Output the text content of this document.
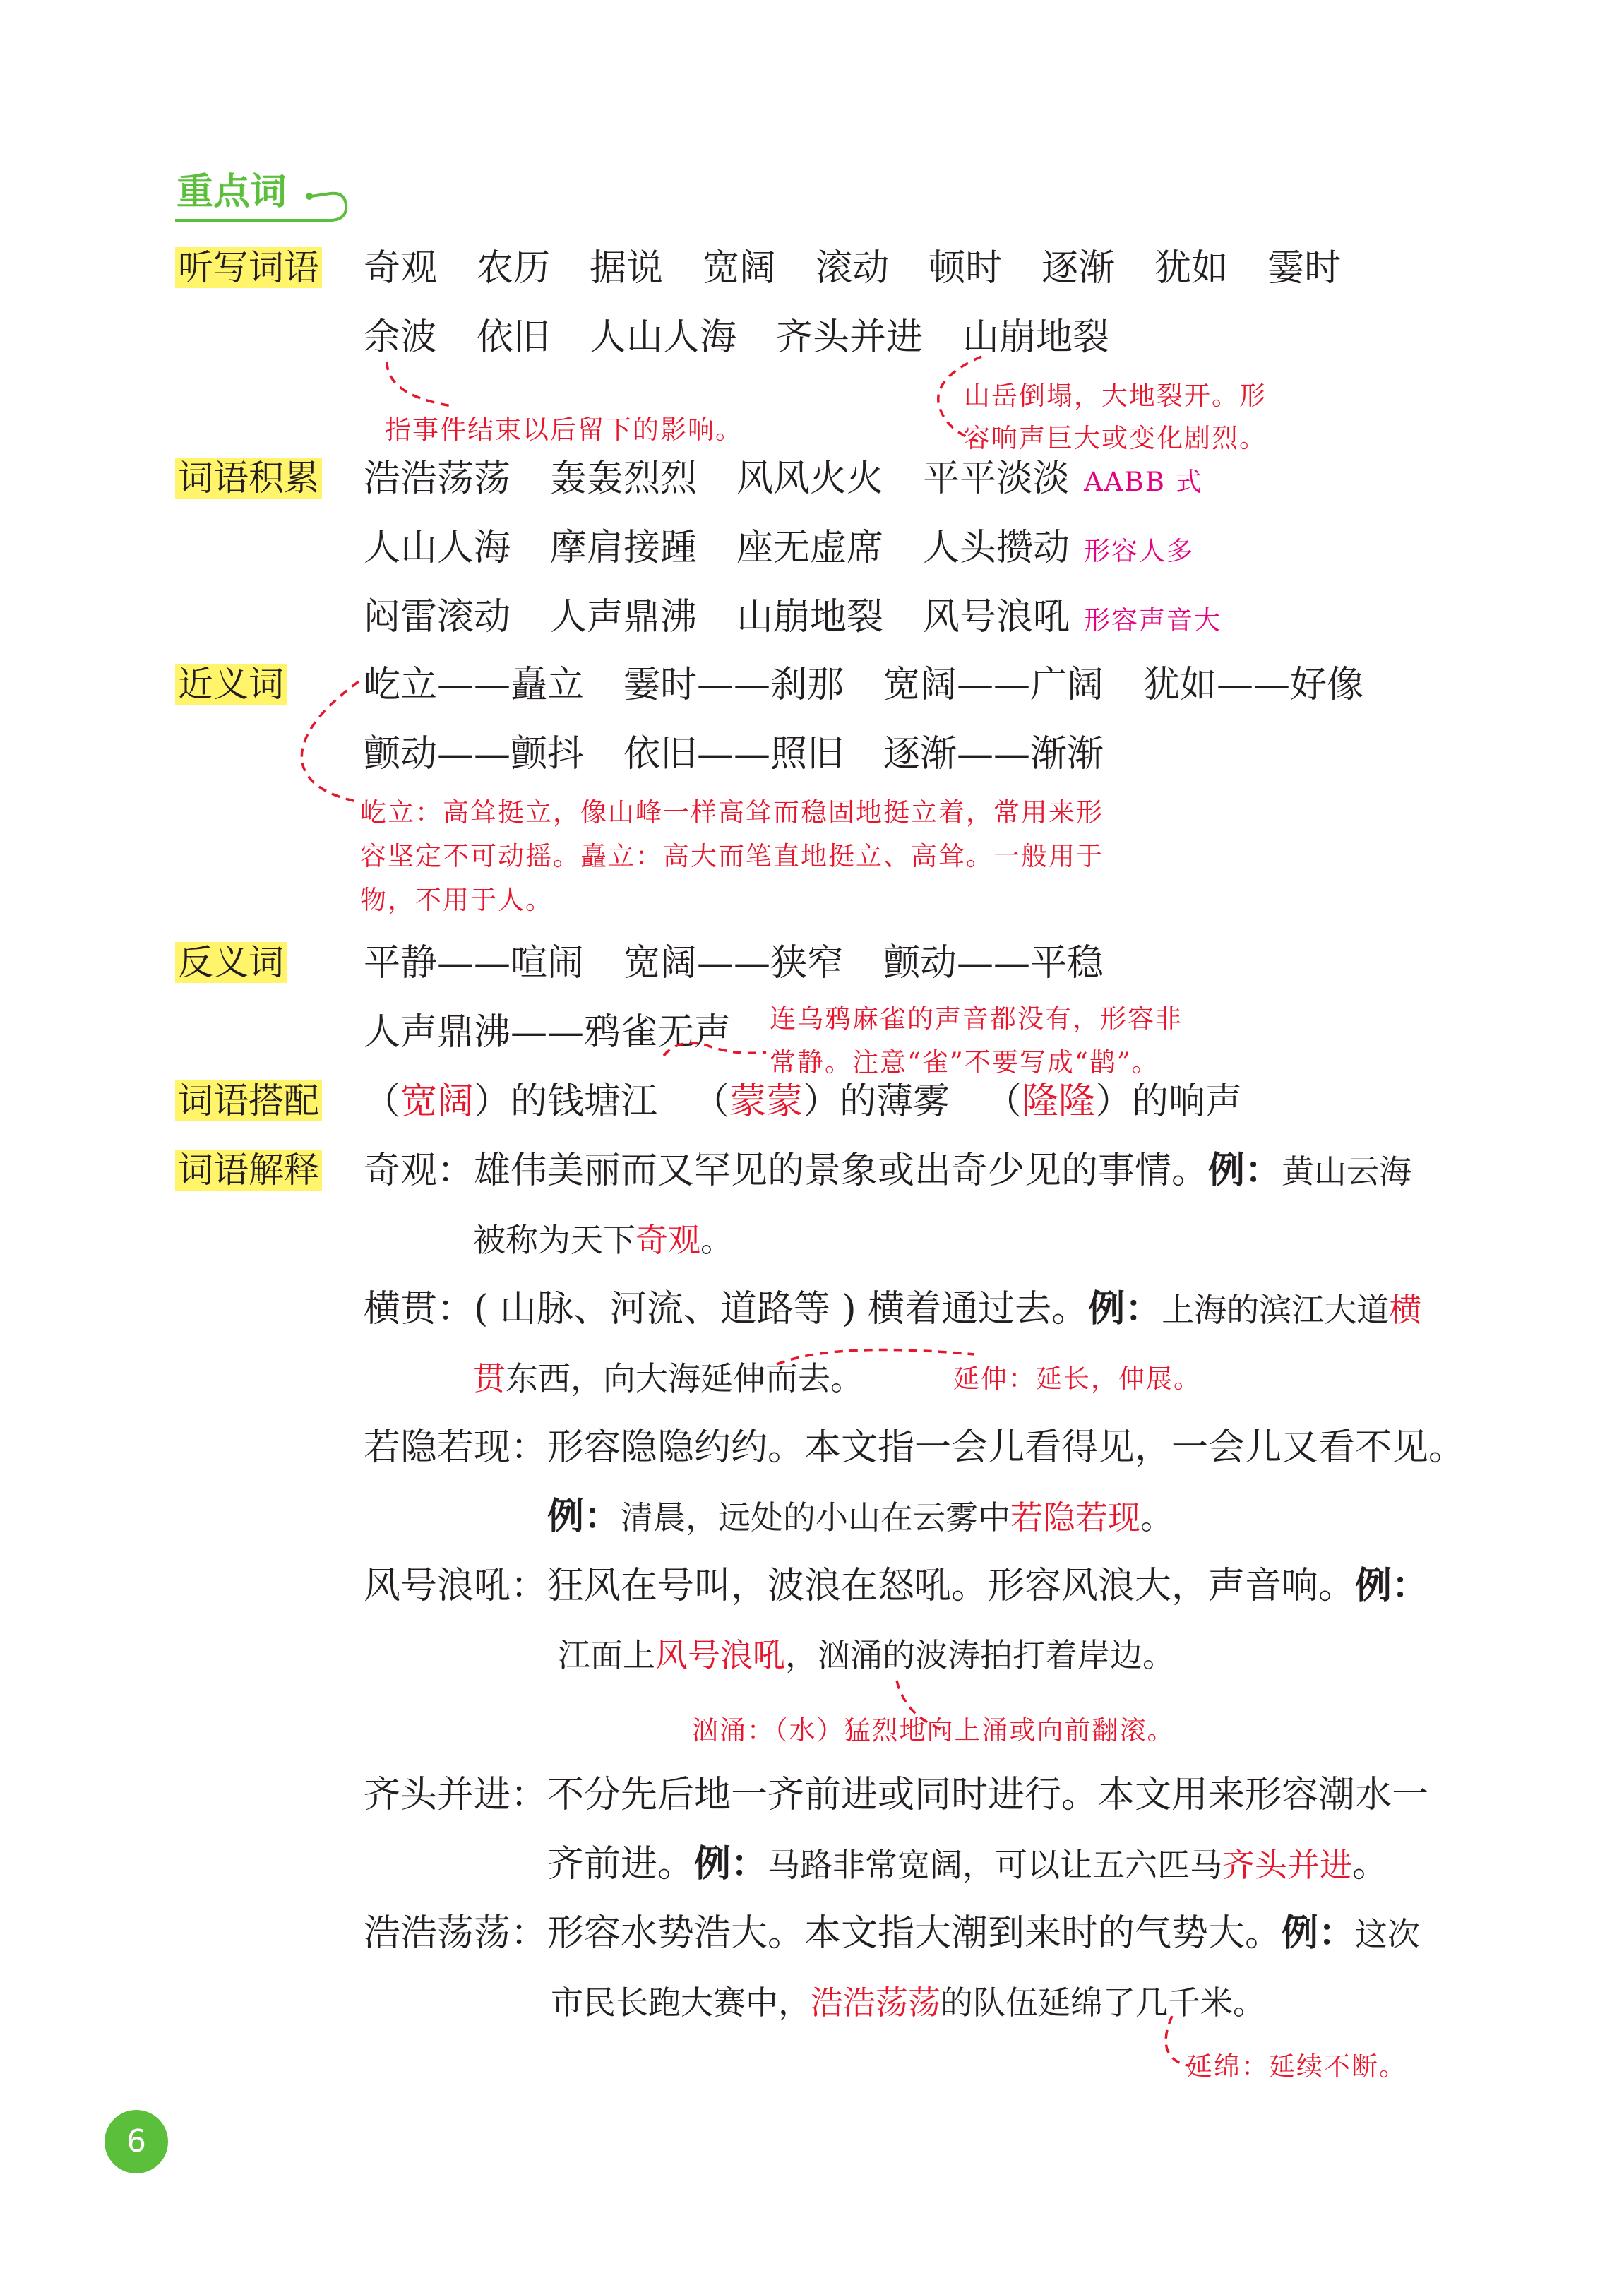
重点词
听写词语 奇观 农历 据说 宽阔 滚动 顿时 逐渐 犹如 霎时
余波 依旧 人山人海 齐头并进 山崩地裂
指事件结束以后留下的影响。
山岳倒塌，大地裂开。形
容响声巨大或变化剧烈。
词语积累 浩浩荡荡 轰轰烈烈 风风火火 平平淡淡 AABB 式
人山人海 摩肩接踵 座无虚席 人头攒动 形容人多
闷雷滚动 人声鼎沸 山崩地裂 风号浪吼 形容声音大
近义词 屹立——矗立 霎时——刹那 宽阔——广阔 犹如——好像
颤动——颤抖 依旧——照旧 逐渐——渐渐
屹立：高耸挺立，像山峰一样高耸而稳固地挺立着，常用来形
容坚定不可动摇。矗立：高大而笔直地挺立、高耸。一般用于
物，不用于人。
反义词 平静——喧闹 宽阔——狭窄 颤动——平稳
人声鼎沸——鸦雀无声 连乌鸦麻雀的声音都没有，形容非
常静。注意“雀”不要写成“鹊”。
词语搭配 （宽阔）的钱塘江 （蒙蒙）的薄雾 （隆隆）的响声
词语解释 奇观：雄伟美丽而又罕见的景象或出奇少见的事情。例：黄山云海
被称为天下奇观。
横贯：( 山脉、河流、道路等 ) 横着通过去。例：上海的滨江大道横
贯东西，向大海延伸而去。	延伸：延长，伸展。
若隐若现：形容隐隐约约。本文指一会儿看得见，一会儿又看不见。
例：清晨，远处的小山在云雾中若隐若现。
风号浪吼：狂风在号叫，波浪在怒吼。形容风浪大，声音响。例：
江面上风号浪吼，汹涌的波涛拍打着岸边。
汹涌：（水）猛烈地向上涌或向前翻滚。
齐头并进：不分先后地一齐前进或同时进行。本文用来形容潮水一
齐前进。例：马路非常宽阔，可以让五六匹马齐头并进。
浩浩荡荡：形容水势浩大。本文指大潮到来时的气势大。例：这次
市民长跑大赛中，浩浩荡荡的队伍延绵了几千米。
延绵：延续不断。
6
